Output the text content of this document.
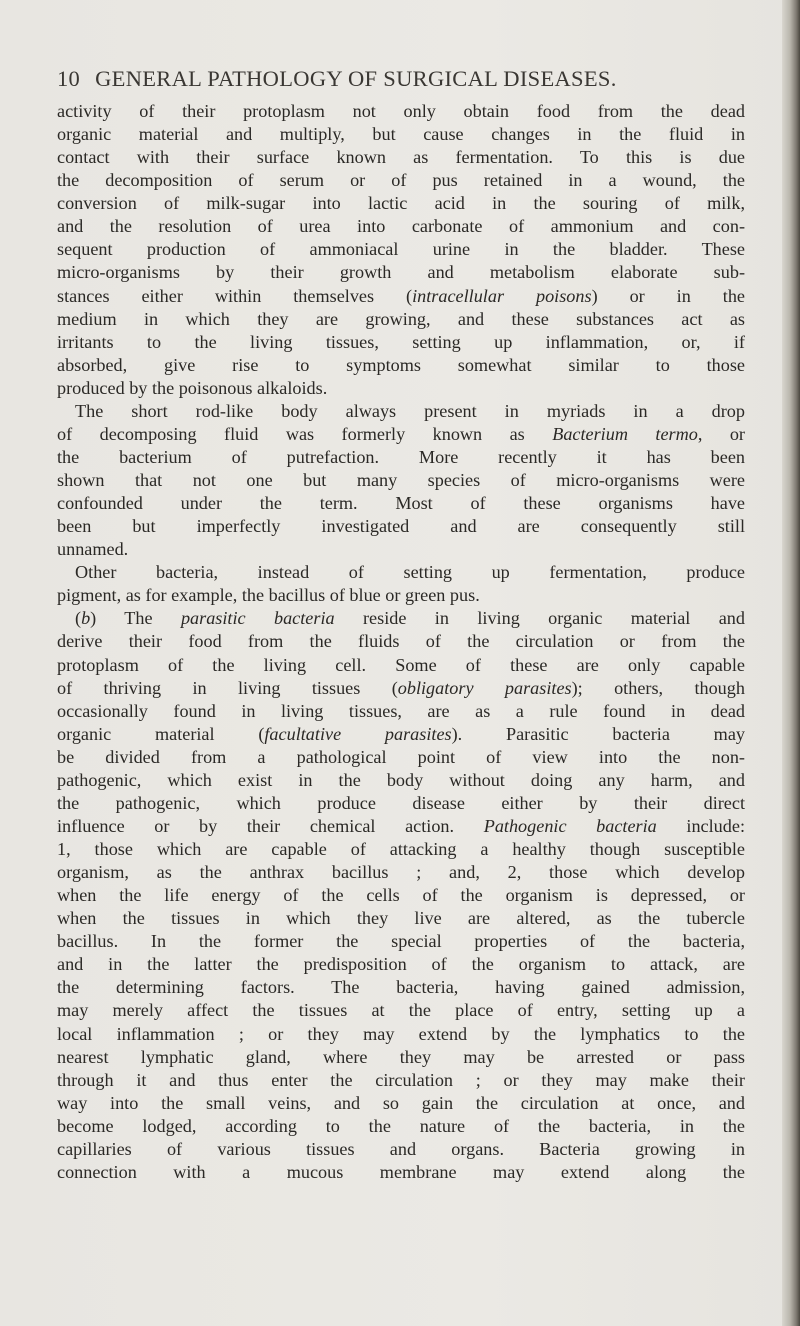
10 GENERAL PATHOLOGY OF SURGICAL DISEASES.
activity of their protoplasm not only obtain food from the dead
organic material and multiply, but cause changes in the fluid in
contact with their surface known as fermentation. To this is due
the decomposition of serum or of pus retained in a wound, the
conversion of milk-sugar into lactic acid in the souring of milk,
and the resolution of urea into carbonate of ammonium and con-
sequent production of ammoniacal urine in the bladder. These
micro-organisms by their growth and metabolism elaborate sub-
stances either within themselves (intracellular poisons) or in the
medium in which they are growing, and these substances act as
irritants to the living tissues, setting up inflammation, or, if
absorbed, give rise to symptoms somewhat similar to those
produced by the poisonous alkaloids.
The short rod-like body always present in myriads in a drop
of decomposing fluid was formerly known as Bacterium termo, or
the bacterium of putrefaction. More recently it has been
shown that not one but many species of micro-organisms were
confounded under the term. Most of these organisms have
been but imperfectly investigated and are consequently still
unnamed.
Other bacteria, instead of setting up fermentation, produce
pigment, as for example, the bacillus of blue or green pus.
(b) The parasitic bacteria reside in living organic material and
derive their food from the fluids of the circulation or from the
protoplasm of the living cell. Some of these are only capable
of thriving in living tissues (obligatory parasites); others, though
occasionally found in living tissues, are as a rule found in dead
organic material (facultative parasites). Parasitic bacteria may
be divided from a pathological point of view into the non-
pathogenic, which exist in the body without doing any harm, and
the pathogenic, which produce disease either by their direct
influence or by their chemical action. Pathogenic bacteria include:
1, those which are capable of attacking a healthy though susceptible
organism, as the anthrax bacillus ; and, 2, those which develop
when the life energy of the cells of the organism is depressed, or
when the tissues in which they live are altered, as the tubercle
bacillus. In the former the special properties of the bacteria,
and in the latter the predisposition of the organism to attack, are
the determining factors. The bacteria, having gained admission,
may merely affect the tissues at the place of entry, setting up a
local inflammation ; or they may extend by the lymphatics to the
nearest lymphatic gland, where they may be arrested or pass
through it and thus enter the circulation ; or they may make their
way into the small veins, and so gain the circulation at once, and
become lodged, according to the nature of the bacteria, in the
capillaries of various tissues and organs. Bacteria growing in
connection with a mucous membrane may extend along the
